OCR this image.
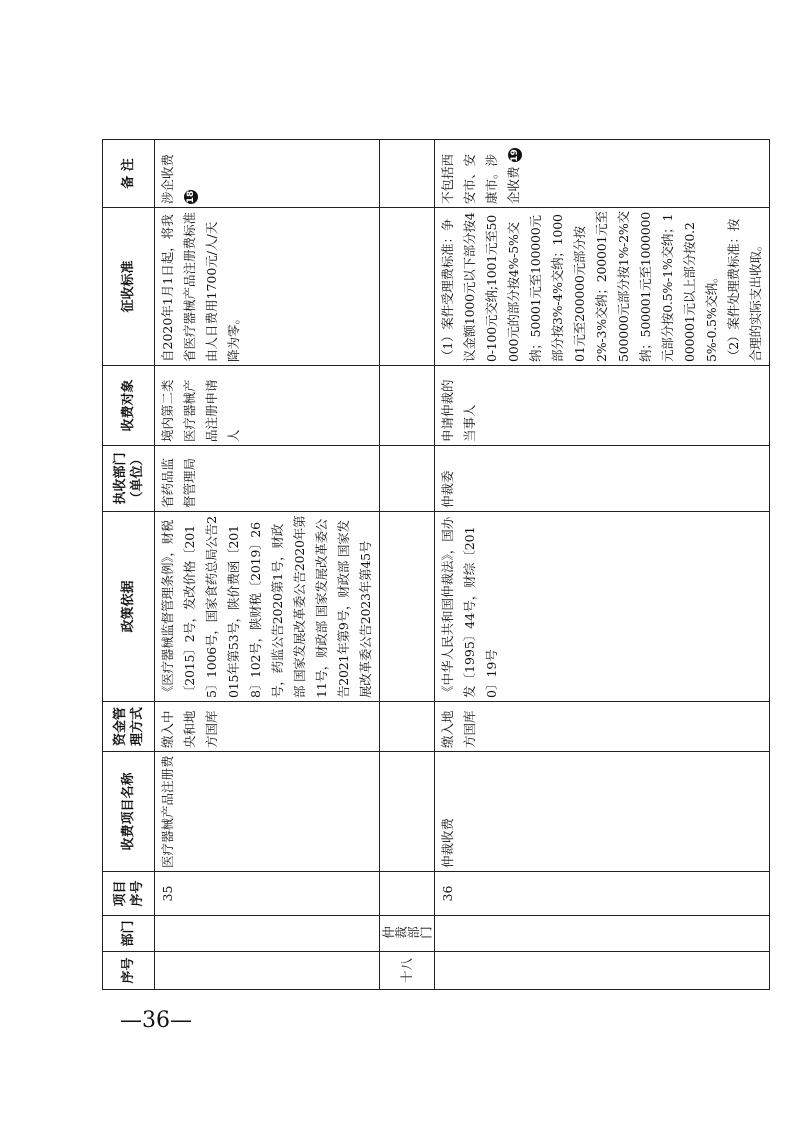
序号	部门	项目序号	收费项目名称	资金管理方式	政策依据	执收部门（单位）	收费对象	征收标准	备 注
		35	医疗器械产品注册费	缴入中央和地方国库	《医疗器械监督管理条例》，财税〔2015〕2号，发改价格〔2015〕1006号，国家食药总局公告2015年第53号，陕价费函〔2018〕102号，陕财税〔2019〕26号，药监公告2020第1号，财政部 国家发展改革委公告2020年第11号，财政部 国家发展改革委公告2021年第9号，财政部 国家发展改革委公告2023年第45号	省药品监督管理局	境内第二类医疗器械产品注册申请人	自2020年1月1日起，将我省医疗器械产品注册费标准由人日费用1700元/人/天降为零。	涉企收费 18
十八	仲裁部门								

		36	仲裁收费	缴入地方国库	《中华人民共和国仲裁法》，国办发〔1995〕44号，财综〔2010〕19号	仲裁委	申请仲裁的当事人	（1）案件受理费标准：争议金额1000元以下部分按40-100元交纳;1001元至50000元的部分按4%-5%交纳；50001元至100000元部分按3%-4%交纳；100001元至200000元部分按2%-3%交纳；200001元至500000元部分按1%-2%交纳；500001元至1000000元部分按0.5%-1%交纳；1000001元以上部分按0.25%-0.5%交纳。 （2）案件处理费标准：按合理的实际支出收取。	不包括西安市、安康市。涉企收费 19
—36—
